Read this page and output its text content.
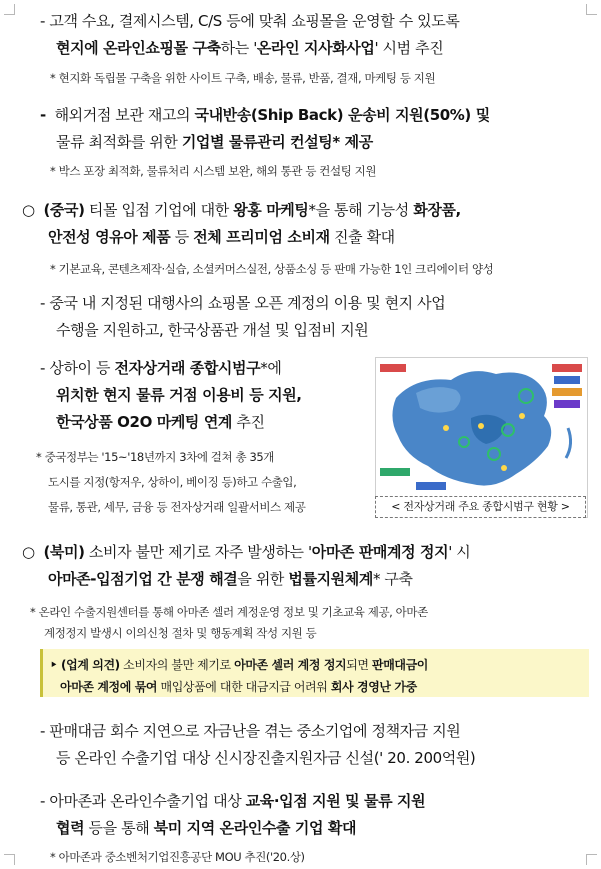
- 고객 수요, 결제시스템, C/S 등에 맞춰 쇼핑몰을 운영할 수 있도록
현지에 온라인쇼핑몰 구축하는 '온라인 지사화사업' 시범 추진
* 현지화 독립몰 구축을 위한 사이트 구축, 배송, 물류, 반품, 결재, 마케팅 등 지원
- 해외거점 보관 재고의 국내반송(Ship Back) 운송비 지원(50%) 및
물류 최적화를 위한 기업별 물류관리 컨설팅* 제공
* 박스 포장 최적화, 물류처리 시스템 보완, 해외 통관 등 컨설팅 지원
○ (중국) 티몰 입점 기업에 대한 왕홍 마케팅*을 통해 기능성 화장품,
안전성 영유아 제품 등 전체 프리미엄 소비재 진출 확대
* 기본교육, 콘텐츠제작·실습, 소셜커머스실전, 상품소싱 등 판매 가능한 1인 크리에이터 양성
- 중국 내 지정된 대행사의 쇼핑몰 오픈 계정의 이용 및 현지 사업
수행을 지원하고, 한국상품관 개설 및 입점비 지원
- 상하이 등 전자상거래 종합시범구*에
위치한 현지 물류 거점 이용비 등 지원,
한국상품 O2O 마케팅 연계 추진
* 중국정부는 '15~'18년까지 3차에 걸쳐 총 35개
도시를 지정(항저우, 상하이, 베이징 등)하고 수출입,
물류, 통관, 세무, 금융 등 전자상거래 일괄서비스 제공	< 전자상거래 주요 종합시범구 현황 >
○ (북미) 소비자 불만 제기로 자주 발생하는 '아마존 판매계정 정지' 시
아마존-입점기업 간 분쟁 해결을 위한 법률지원체계* 구축
* 온라인 수출지원센터를 통해 아마존 셀러 계정운영 정보 및 기초교육 제공, 아마존
계정정지 발생시 이의신청 절차 및 행동계획 작성 지원 등
‣ (업계 의견) 소비자의 불만 제기로 아마존 셀러 계정 정지되면 판매대금이
아마존 계정에 묶여 매입상품에 대한 대금지급 어려워 회사 경영난 가중
- 판매대금 회수 지연으로 자금난을 겪는 중소기업에 정책자금 지원
등 온라인 수출기업 대상 신시장진출지원자금 신설(' 20. 200억원)
- 아마존과 온라인수출기업 대상 교육·입점 지원 및 물류 지원
협력 등을 통해 북미 지역 온라인수출 기업 확대
* 아마존과 중소벤처기업진흥공단 MOU 추진('20.상)
